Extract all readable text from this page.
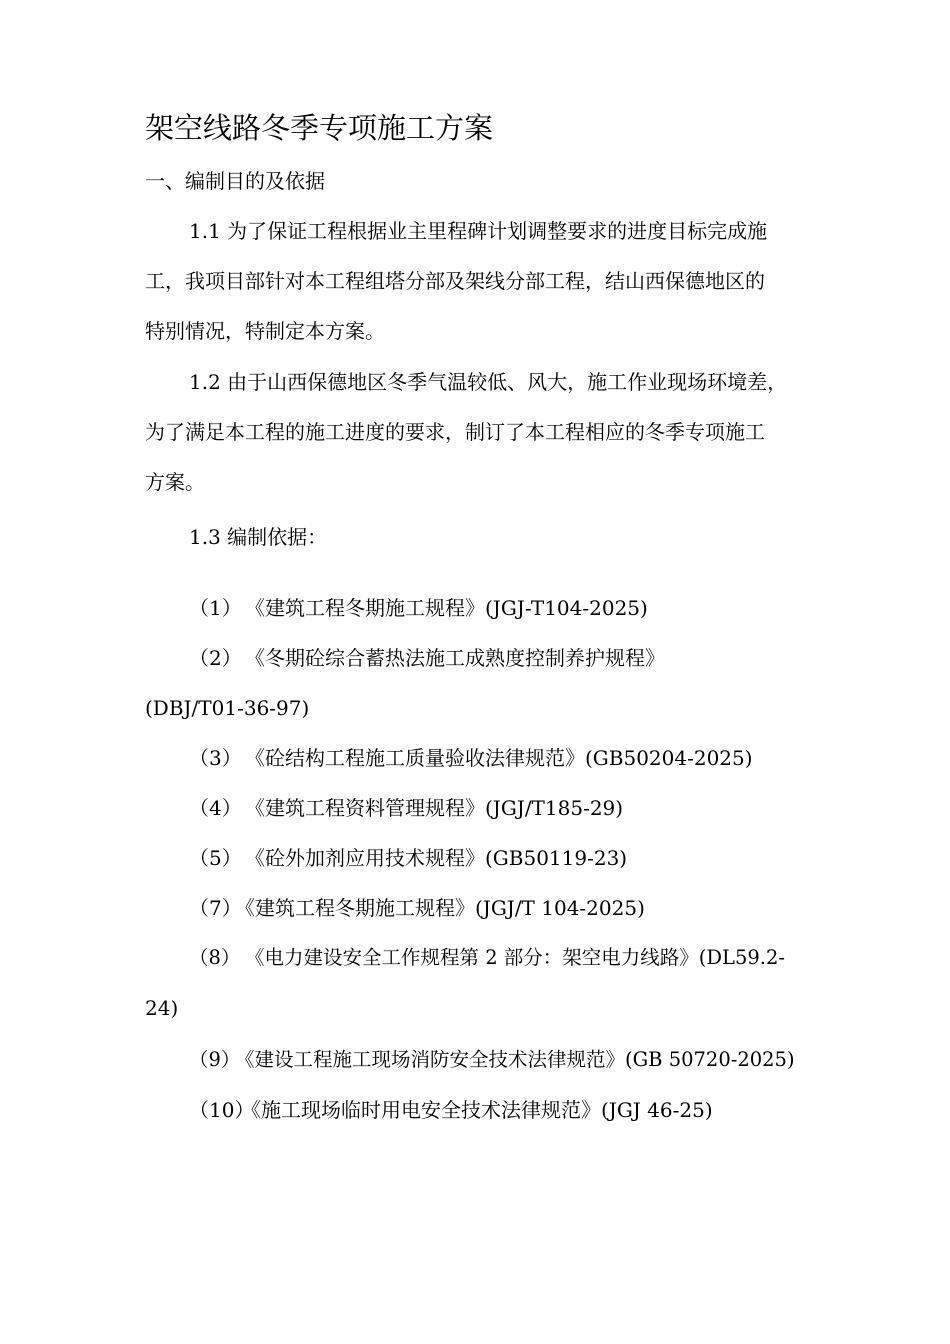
架空线路冬季专项施工方案
一、编制目的及依据
1.1 为了保证工程根据业主里程碑计划调整要求的进度目标完成施
工，我项目部针对本工程组塔分部及架线分部工程，结山西保德地区的
特别情况，特制定本方案。
1.2 由于山西保德地区冬季气温较低、风大，施工作业现场环境差，
为了满足本工程的施工进度的要求，制订了本工程相应的冬季专项施工
方案。
1.3 编制依据：
（1） 《建筑工程冬期施工规程》(JGJ-T104-2025)
（2） 《冬期砼综合蓄热法施工成熟度控制养护规程》
(DBJ/T01-36-97)
（3） 《砼结构工程施工质量验收法律规范》(GB50204-2025)
（4） 《建筑工程资料管理规程》(JGJ/T185-29)
（5） 《砼外加剂应用技术规程》(GB50119-23)
（7）《建筑工程冬期施工规程》(JGJ/T 104-2025)
（8） 《电力建设安全工作规程第 2 部分：架空电力线路》(DL59.2-
24)
（9）《建设工程施工现场消防安全技术法律规范》(GB 50720-2025)
（10）《施工现场临时用电安全技术法律规范》(JGJ 46-25)
